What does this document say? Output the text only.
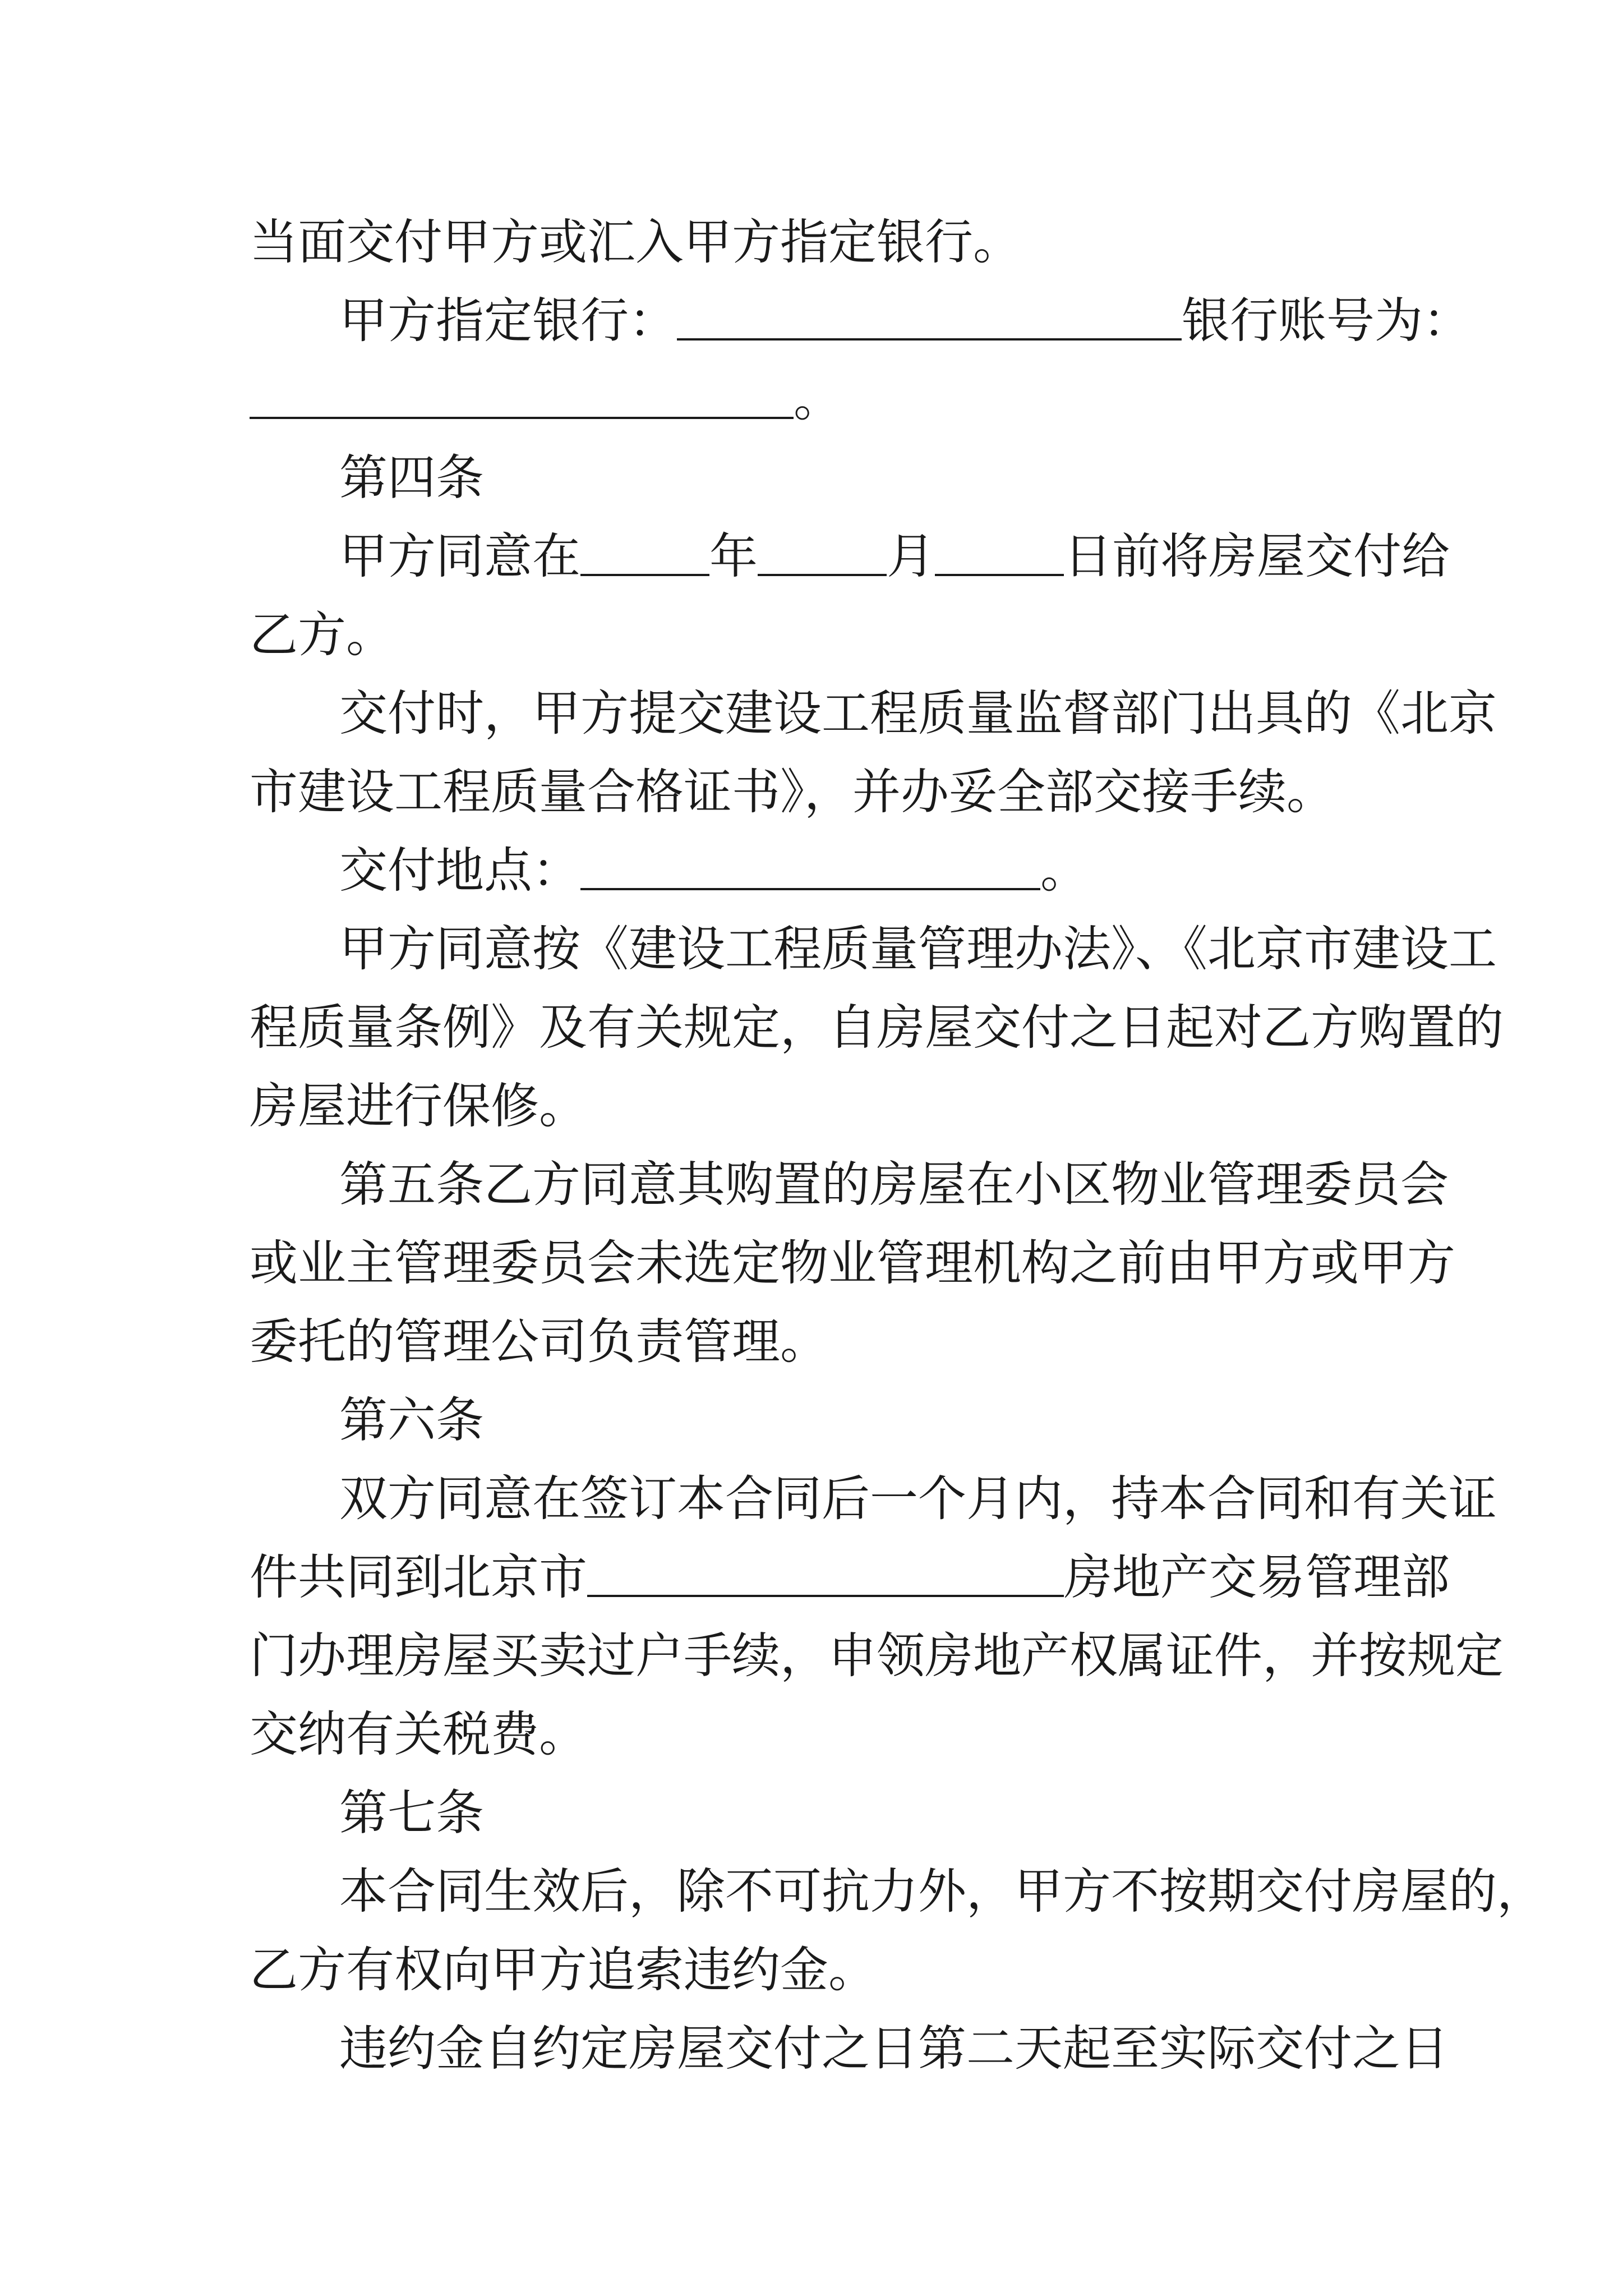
当面交付甲方或汇入甲方指定银行。
甲方指定银行：	银行账号为：
。
第四条
甲方同意在	年	月	日前将房屋交付给
乙方。
交付时，甲方提交建设工程质量监督部门出具的《北京
市建设工程质量合格证书》，并办妥全部交接手续。
交付地点：	。
甲方同意按《建设工程质量管理办法》、《北京市建设工
程质量条例》及有关规定，自房屋交付之日起对乙方购置的
房屋进行保修。
第五条乙方同意其购置的房屋在小区物业管理委员会
或业主管理委员会未选定物业管理机构之前由甲方或甲方
委托的管理公司负责管理。
第六条
双方同意在签订本合同后一个月内，持本合同和有关证
件共同到北京市	房地产交易管理部
门办理房屋买卖过户手续，申领房地产权属证件，并按规定
交纳有关税费。
第七条
本合同生效后，除不可抗力外，甲方不按期交付房屋的，
乙方有权向甲方追索违约金。
违约金自约定房屋交付之日第二天起至实际交付之日
